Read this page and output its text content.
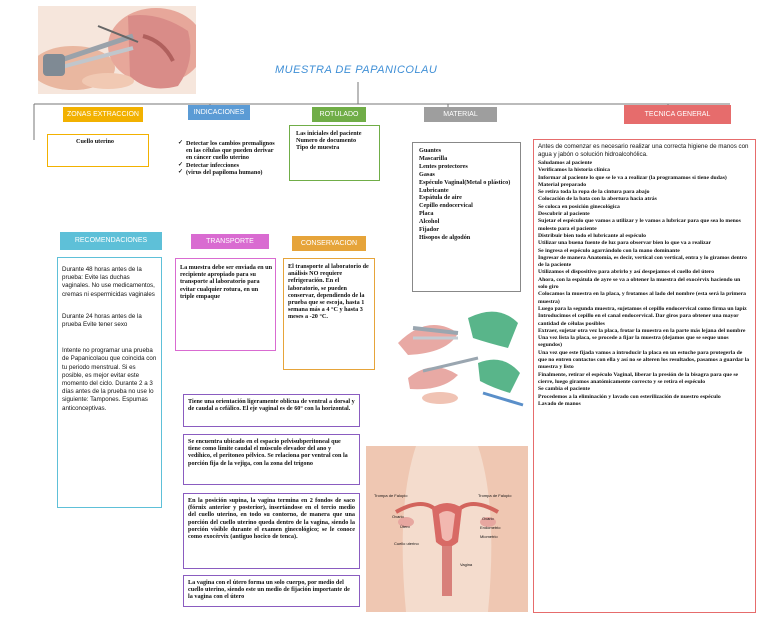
MUESTRA DE PAPANICOLAU
ZONAS EXTRACCION	INDICACIONES	ROTULADO	MATERIAL	TECNICA GENERAL
Cuello uterino
✓	Detectar los cambios premalignos en las células que pueden derivar en cáncer cuello uterino
✓ Detectar infecciones
✓ (virus del papiloma humano)
Las iniciales del paciente
Numero de documento
Tipo de muestra	Guantes
Mascarilla
Lentes protectores
Gasas
Espéculo Vaginal(Metal o plástico)
Lubricante
Espátula de aire
Cepillo endocervical
Placa
Alcohol
Fijador
Hisopos de algodón
Antes de comenzar es necesario realizar una correcta higiene de manos con agua y jabón o solución hidroalcohólica.
Saludamos al paciente
Verificamos la historia clínica
Informar al paciente lo que se le va a realizar (la programamos si tiene dudas)
Material preparado
Se retira toda la ropa de la cintura para abajo
Colocación de la bata con la abertura hacia atrás
Se coloca en posición ginecológica
Descubrir al paciente
Sujetar el espéculo que vamos a utilizar y le vamos a lubricar para que sea lo menos molesto para el paciente
Distribuir bien todo el lubricante al espéculo
Utilizar una buena fuente de luz para observar bien lo que va a realizar
Se ingresa el espéculo agarrándolo con la mano dominante
Ingresar de manera Anatomía, es decir, vertical con vertical, entra y lo giramos dentro de la paciente
Utilizamos el dispositivo para abrirlo y así despejamos el cuello del útero
Ahora, con la espátula de ayre se va a obtener la muestra del exocérvix haciendo un solo giro
Colocamos la muestra en la placa, y frotamos al lado del nombre (esta será la primera muestra)
Luego para la segunda muestra, sujetamos el cepillo endocervical como firma un lapiz
Introducimos el cepillo en el canal endocervical. Dar giros para obtener una mayor cantidad de células posibles
Extraer, sujetar otra vez la placa, frotar la muestra en la parte más lejana del nombre
Una vez lista la placa, se procede a fijar la muestra (dejamos que se seque unos segundos)
Una vez que este fijada vamos a introducir la placa en un estuche para protegerla de que no entren contactos con ella y así no se alteren los resultados, pasamos a guardar la muestra y listo
Finalmente, retirar el espéculo Vaginal, liberar la presión de la bisagra para que se cierre, luego giramos anatómicamente correcto y se retira el espéculo
Se cambia el paciente
Procedemos a la eliminación y lavado con esterilización de nuestro espéculo
Lavado de manos
RECOMENDACIONES	TRANSPORTE	CONSERVACION
Durante 48 horas antes de la prueba: Evite las duchas vaginales. No use medicamentos, cremas ni espermicidas vaginales
Durante 24 horas antes de la prueba Evite tener sexo
Intente no programar una prueba de Papanicolaou que coincida con tu periodo menstrual. Si es posible, es mejor evitar este momento del ciclo. Durante 2 a 3 días antes de la prueba no use lo siguiente: Tampones. Espumas anticonceptivas.
La muestra debe ser enviada en un recipiente apropiado para su transporte al laboratorio para evitar cualquier rotura, en un triple empaque
El transporte al laboratorio de análisis NO requiere refrigeración. En el laboratorio, se pueden conservar, dependiendo de la prueba que se escoja, hasta 1 semana más a 4 °C y hasta 3 meses a -20 °C.
Tiene una orientación ligeramente oblicua de ventral a dorsal y de caudal a cefálico. El eje vaginal es de 60° con la horizontal.
Se encuentra ubicado en el espacio pelvisubperitoneal que tiene como límite caudal el músculo elevador del ano y vedíhico, el peritoneo pélvico. Se relaciona por ventral con la porción fija de la vejiga, con la zona del trígono
En la posición supina, la vagina termina en 2 fondos de saco (fórnix anterior y posterior), insertándose en el tercio medio del cuello uterino, en todo su contorno, de manera que una porción del cuello uterino queda dentro de la vagina, siendo la porción visible durante el examen ginecológico; se le conoce como exocérvix (antiguo hocico de tenca).
La vagina con el útero forma un solo cuerpo, por medio del cuello uterino, siendo este un medio de fijación importante de la vagina con el útero
Trompa de Falopio	Trompa de Falopio
Ovario
Útero
Cuello uterino
Ovario
Endometrio
Miometrio
Vagina
